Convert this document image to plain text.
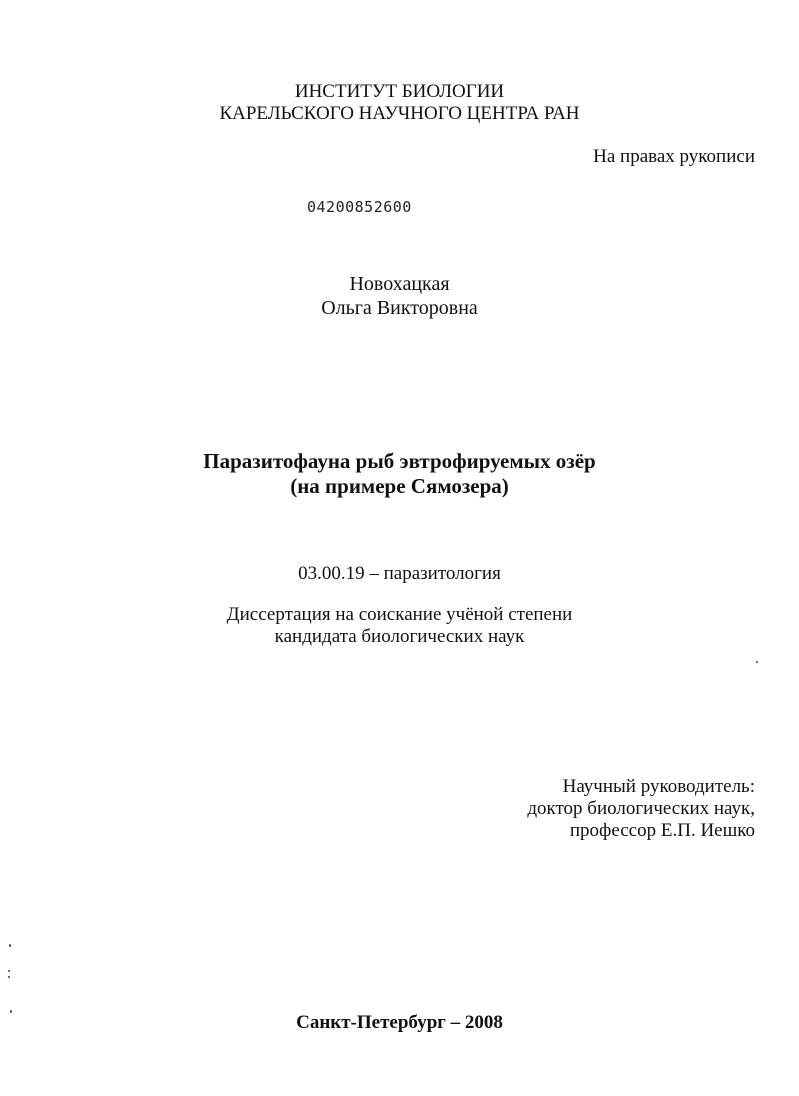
ИНСТИТУТ БИОЛОГИИ
КАРЕЛЬСКОГО НАУЧНОГО ЦЕНТРА РАН
На правах рукописи
04200852600
Новохацкая
Ольга Викторовна
Паразитофауна рыб эвтрофируемых озёр
(на примере Сямозера)
03.00.19 – паразитология
Диссертация на соискание учёной степени
кандидата биологических наук
Научный руководитель:
доктор биологических наук,
профессор Е.П. Иешко
Санкт-Петербург – 2008
